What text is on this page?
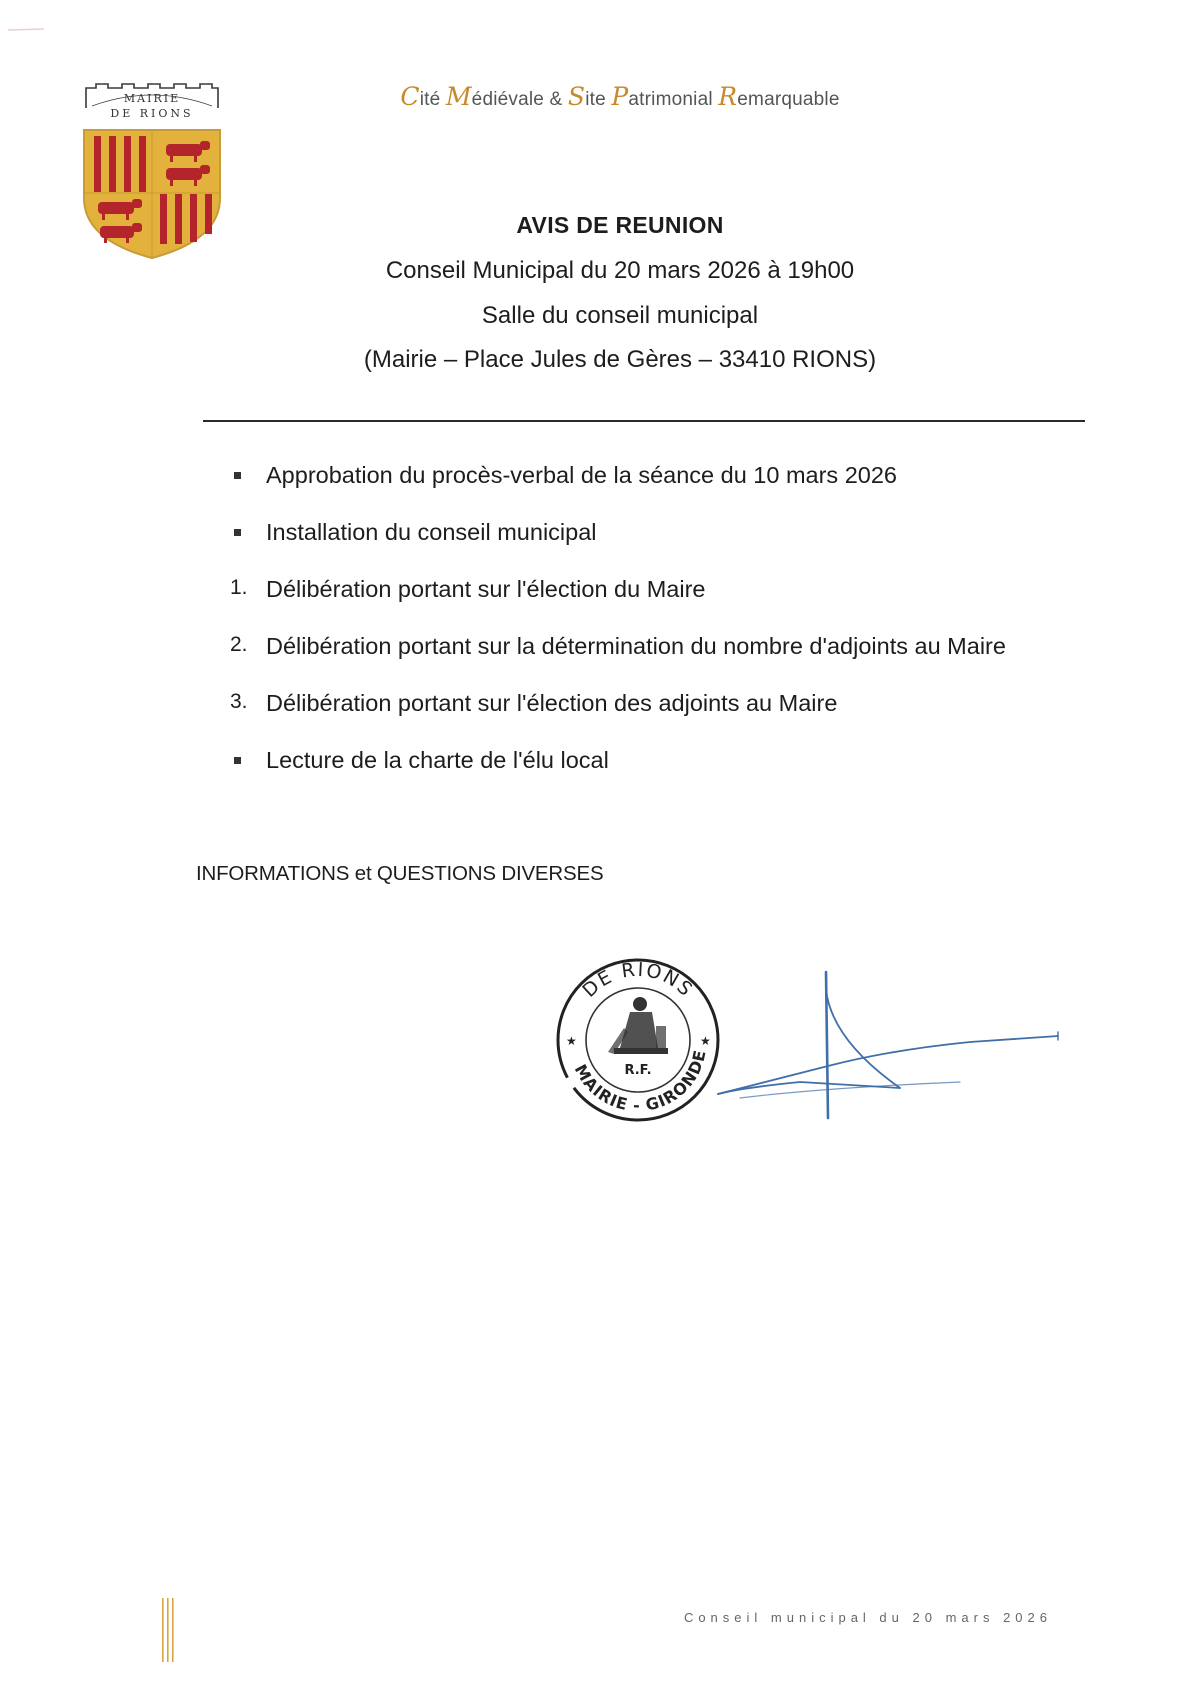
MAIRIE
DE RIONS
Cité Médiévale & Site Patrimonial Remarquable
AVIS DE REUNION
Conseil Municipal du 20 mars 2026 à 19h00
Salle du conseil municipal
(Mairie – Place Jules de Gères – 33410 RIONS)
Approbation du procès-verbal de la séance du 10 mars 2026
Installation du conseil municipal
1. Délibération portant sur l'élection du Maire
2. Délibération portant sur la détermination du nombre d'adjoints au Maire
3. Délibération portant sur l'élection des adjoints au Maire
Lecture de la charte de l'élu local
INFORMATIONS et QUESTIONS DIVERSES
DE RIONS
MAIRIE - GIRONDE
★	★
R.F.
Conseil municipal du 20 mars 2026
